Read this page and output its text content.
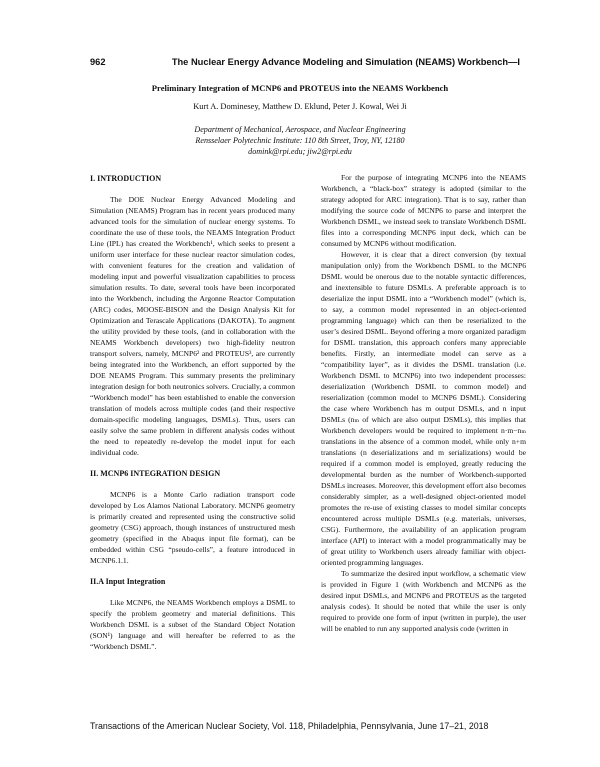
962	The Nuclear Energy Advance Modeling and Simulation (NEAMS) Workbench—I
Preliminary Integration of MCNP6 and PROTEUS into the NEAMS Workbench
Kurt A. Dominesey, Matthew D. Eklund, Peter J. Kowal, Wei Ji
Department of Mechanical, Aerospace, and Nuclear Engineering
Rensselaer Polytechnic Institute: 110 8th Street, Troy, NY, 12180
domink@rpi.edu; jiw2@rpi.edu
I. INTRODUCTION

The DOE Nuclear Energy Advanced Modeling and Simulation (NEAMS) Program has in recent years produced many advanced tools for the simulation of nuclear energy systems. To coordinate the use of these tools, the NEAMS Integration Product Line (IPL) has created the Workbench¹, which seeks to present a uniform user interface for these nuclear reactor simulation codes, with convenient features for the creation and validation of modeling input and powerful visualization capabilities to process simulation results. To date, several tools have been incorporated into the Workbench, including the Argonne Reactor Computation (ARC) codes, MOOSE-BISON and the Design Analysis Kit for Optimization and Terascale Applications (DAKOTA). To augment the utility provided by these tools, (and in collaboration with the NEAMS Workbench developers) two high-fidelity neutron transport solvers, namely, MCNP6² and PROTEUS³, are currently being integrated into the Workbench, an effort supported by the DOE NEAMS Program. This summary presents the preliminary integration design for both neutronics solvers. Crucially, a common “Workbench model” has been established to enable the conversion translation of models across multiple codes (and their respective domain-specific modeling languages, DSMLs). Thus, users can easily solve the same problem in different analysis codes without the need to repeatedly re-develop the model input for each individual code.

II. MCNP6 INTEGRATION DESIGN

MCNP6 is a Monte Carlo radiation transport code developed by Los Alamos National Laboratory. MCNP6 geometry is primarily created and represented using the constructive solid geometry (CSG) approach, though instances of unstructured mesh geometry (specified in the Abaqus input file format), can be embedded within CSG “pseudo-cells”, a feature introduced in MCNP6.1.1.

II.A Input Integration

Like MCNP6, the NEAMS Workbench employs a DSML to specify the problem geometry and material definitions. This Workbench DSML is a subset of the Standard Object Notation (SON¹) language and will hereafter be referred to as the “Workbench DSML”.

For the purpose of integrating MCNP6 into the NEAMS Workbench, a “black-box” strategy is adopted (similar to the strategy adopted for ARC integration). That is to say, rather than modifying the source code of MCNP6 to parse and interpret the Workbench DSML, we instead seek to translate Workbench DSML files into a corresponding MCNP6 input deck, which can be consumed by MCNP6 without modification.

However, it is clear that a direct conversion (by textual manipulation only) from the Workbench DSML to the MCNP6 DSML would be onerous due to the notable syntactic differences, and inextensible to future DSMLs. A preferable approach is to deserialize the input DSML into a “Workbench model” (which is, to say, a common model represented in an object-oriented programming language) which can then be reserialized to the user’s desired DSML. Beyond offering a more organized paradigm for DSML translation, this approach confers many appreciable benefits. Firstly, an intermediate model can serve as a “compatibility layer”, as it divides the DSML translation (i.e. Workbench DSML to MCNP6) into two independent processes: deserialization (Workbench DSML to common model) and reserialization (common model to MCNP6 DSML). Considering the case where Workbench has m output DSMLs, and n input DSMLs (nₘ of which are also output DSMLs), this implies that Workbench developers would be required to implement n·m−nₘ translations in the absence of a common model, while only n+m translations (n deserializations and m serializations) would be required if a common model is employed, greatly reducing the developmental burden as the number of Workbench-supported DSMLs increases. Moreover, this development effort also becomes considerably simpler, as a well-designed object-oriented model promotes the re-use of existing classes to model similar concepts encountered across multiple DSMLs (e.g. materials, universes, CSG). Furthermore, the availability of an application program interface (API) to interact with a model programmatically may be of great utility to Workbench users already familiar with object-oriented programming languages.

To summarize the desired input workflow, a schematic view is provided in Figure 1 (with Workbench and MCNP6 as the desired input DSMLs, and MCNP6 and PROTEUS as the targeted analysis codes). It should be noted that while the user is only required to provide one form of input (written in purple), the user will be enabled to run any supported analysis code (written in

Transactions of the American Nuclear Society, Vol. 118, Philadelphia, Pennsylvania, June 17–21, 2018
